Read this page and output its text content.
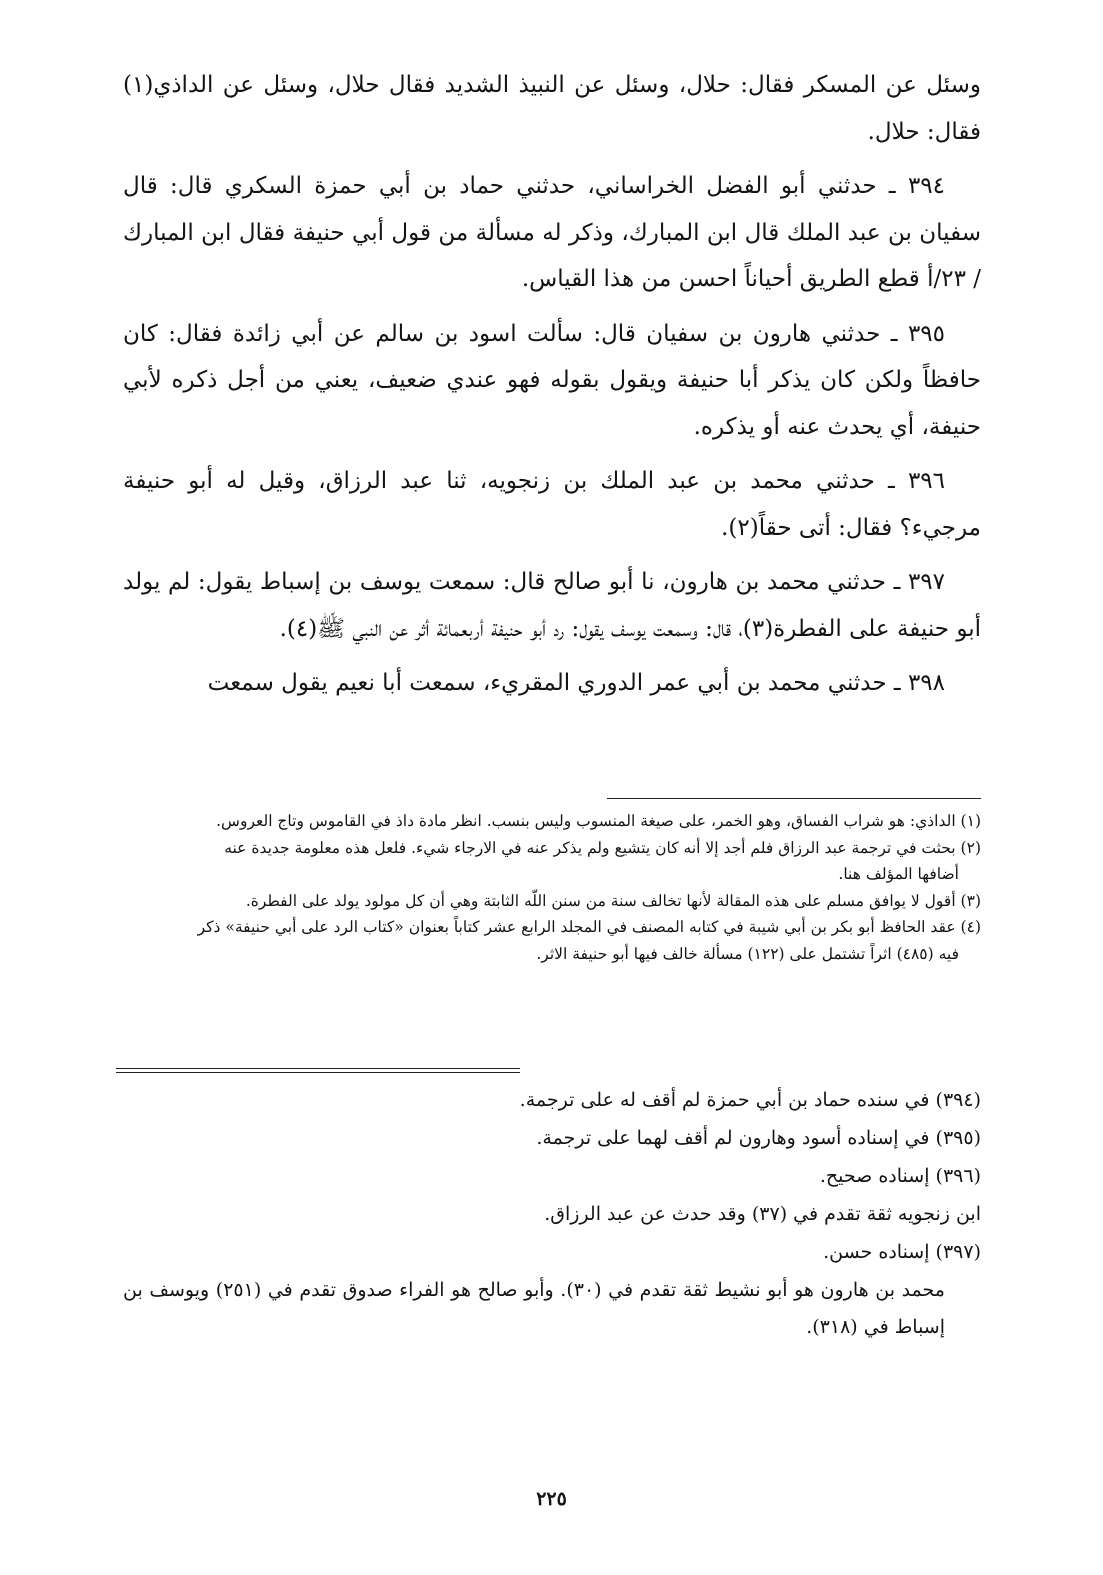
وسئل عن المسكر فقال: حلال، وسئل عن النبيذ الشديد فقال حلال، وسئل عن الداذي(١) فقال: حلال.

٣٩٤ ـ حدثني أبو الفضل الخراساني، حدثني حماد بن أبي حمزة السكري قال: قال سفيان بن عبد الملك قال ابن المبارك، وذكر له مسألة من قول أبي حنيفة فقال ابن المبارك / ٢٣/أ قطع الطريق أحياناً احسن من هذا القياس.

٣٩٥ ـ حدثني هارون بن سفيان قال: سألت اسود بن سالم عن أبي زائدة فقال: كان حافظاً ولكن كان يذكر أبا حنيفة ويقول بقوله فهو عندي ضعيف، يعني من أجل ذكره لأبي حنيفة، أي يحدث عنه أو يذكره.

٣٩٦ ـ حدثني محمد بن عبد الملك بن زنجويه، ثنا عبد الرزاق، وقيل له أبو حنيفة مرجيء؟ فقال: أتى حقاً(٢).

٣٩٧ ـ حدثني محمد بن هارون، نا أبو صالح قال: سمعت يوسف بن إسباط يقول: لم يولد أبو حنيفة على الفطرة(٣)، قال: وسمعت يوسف يقول: رد أبو حنيفة أربعمائة أثر عن النبي ﷺ(٤).

٣٩٨ ـ حدثني محمد بن أبي عمر الدوري المقريء، سمعت أبا نعيم يقول سمعت

(١) الداذي: هو شراب الفساق، وهو الخمر، على صيغة المنسوب وليس بنسب. انظر مادة داذ في القاموس وتاج العروس.

(٢) بحثت في ترجمة عبد الرزاق فلم أجد إلا أنه كان يتشيع ولم يذكر عنه في الارجاء شيء. فلعل هذه معلومة جديدة عنه

أضافها المؤلف هنا.

(٣) أقول لا يوافق مسلم على هذه المقالة لأنها تخالف سنة من سنن اللّه الثابتة وهي أن كل مولود يولد على الفطرة.

(٤) عقد الحافظ أبو بكر بن أبي شيبة في كتابه المصنف في المجلد الرابع عشر كتاباً بعنوان «كتاب الرد على أبي حنيفة» ذكر

فيه (٤٨٥) اثراً تشتمل على (١٢٢) مسألة خالف فيها أبو حنيفة الاثر.

(٣٩٤) في سنده حماد بن أبي حمزة لم أقف له على ترجمة.

(٣٩٥) في إسناده أسود وهارون لم أقف لهما على ترجمة.

(٣٩٦) إسناده صحيح.

ابن زنجويه ثقة تقدم في (٣٧) وقد حدث عن عبد الرزاق.

(٣٩٧) إسناده حسن.

محمد بن هارون هو أبو نشيط ثقة تقدم في (٣٠). وأبو صالح هو الفراء صدوق تقدم في (٢٥١) ويوسف بن إسباط في (٣١٨).

٢٢٥
